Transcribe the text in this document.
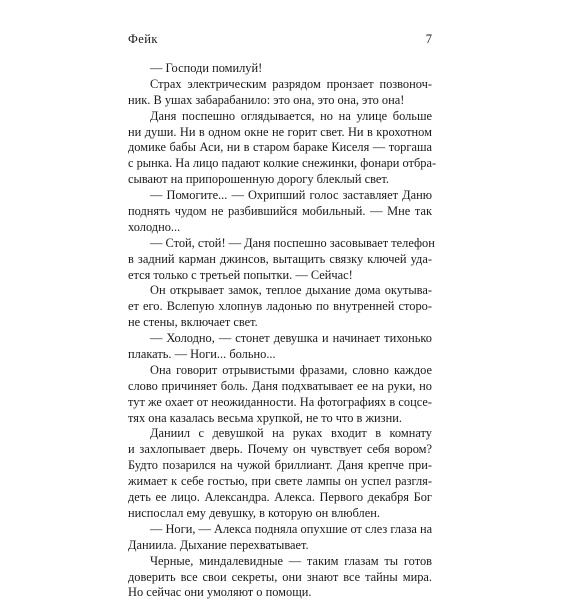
Фейк	7
— Господи помилуй!
Страх электрическим разрядом пронзает позвоноч-
ник. В ушах забарабанило: это она, это она, это она!
Даня поспешно оглядывается, но на улице больше
ни души. Ни в одном окне не горит свет. Ни в крохотном
домике бабы Аси, ни в старом бараке Киселя — торгаша
с рынка. На лицо падают колкие снежинки, фонари отбра-
сывают на припорошенную дорогу блеклый свет.
— Помогите... — Охрипший голос заставляет Даню
поднять чудом не разбившийся мобильный. — Мне так
холодно...
— Стой, стой! — Даня поспешно засовывает телефон
в задний карман джинсов, вытащить связку ключей уда-
ется только с третьей попытки. — Сейчас!
Он открывает замок, теплое дыхание дома окутыва-
ет его. Вслепую хлопнув ладонью по внутренней сторо-
не стены, включает свет.
— Холодно, — стонет девушка и начинает тихонько
плакать. — Ноги... больно...
Она говорит отрывистыми фразами, словно каждое
слово причиняет боль. Даня подхватывает ее на руки, но
тут же охает от неожиданности. На фотографиях в соцсе-
тях она казалась весьма хрупкой, не то что в жизни.
Даниил с девушкой на руках входит в комнату
и захлопывает дверь. Почему он чувствует себя вором?
Будто позарился на чужой бриллиант. Даня крепче при-
жимает к себе гостью, при свете лампы он успел разгля-
деть ее лицо. Александра. Алекса. Первого декабря Бог
ниспослал ему девушку, в которую он влюблен.
— Ноги, — Алекса подняла опухшие от слез глаза на
Даниила. Дыхание перехватывает.
Черные, миндалевидные — таким глазам ты готов
доверить все свои секреты, они знают все тайны мира.
Но сейчас они умоляют о помощи.
